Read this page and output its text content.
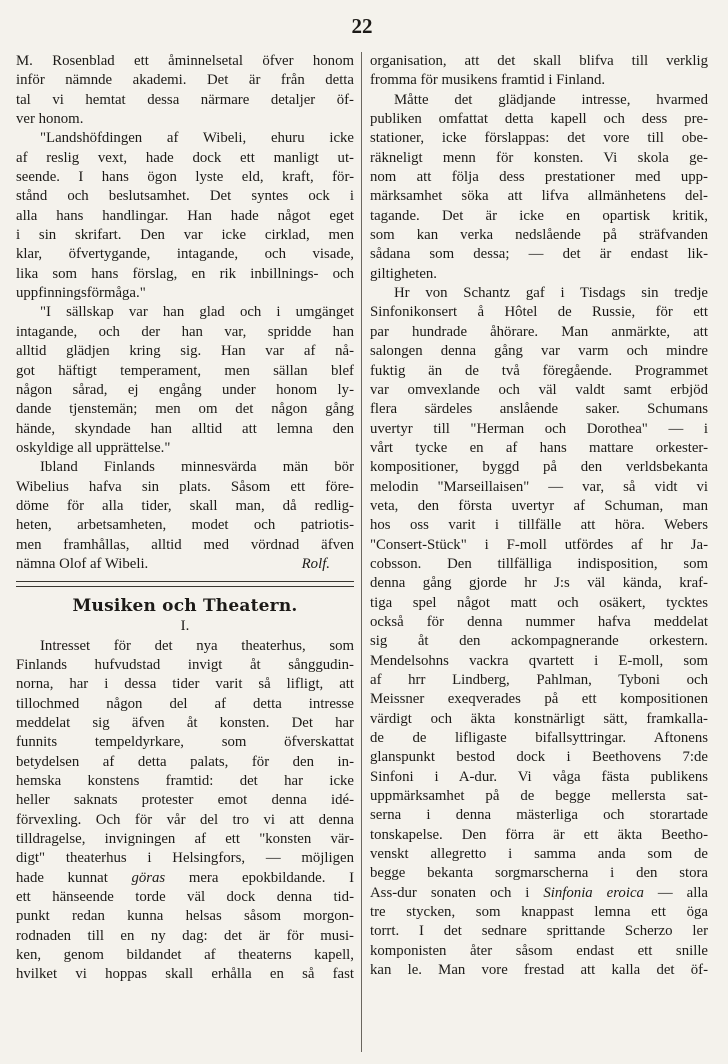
22
M. Rosenblad ett åminnelsetal öfver honom
inför nämnde akademi. Det är från detta
tal vi hemtat dessa närmare detaljer öf-
ver honom.
"Landshöfdingen af Wibeli, ehuru icke
af reslig vext, hade dock ett manligt ut-
seende. I hans ögon lyste eld, kraft, för-
stånd och beslutsamhet. Det syntes ock i
alla hans handlingar. Han hade något eget
i sin skrifart. Den var icke cirklad, men
klar, öfvertygande, intagande, och visade,
lika som hans förslag, en rik inbillnings- och
uppfinningsförmåga."
"I sällskap var han glad och i umgänget
intagande, och der han var, spridde han
alltid glädjen kring sig. Han var af nå-
got häftigt temperament, men sällan blef
någon sårad, ej engång under honom ly-
dande tjenstemän; men om det någon gång
hände, skyndade han alltid att lemna den
oskyldige all upprättelse."
Ibland Finlands minnesvärda män bör
Wibelius hafva sin plats. Såsom ett före-
döme för alla tider, skall man, då redlig-
heten, arbetsamheten, modet och patriotis-
men framhållas, alltid med vördnad äfven
nämna Olof af Wibeli.	Rolf.
Musiken och Theatern.
I.
Intresset för det nya theaterhus, som
Finlands hufvudstad invigt åt sånggudin-
norna, har i dessa tider varit så lifligt, att
tillochmed någon del af detta intresse
meddelat sig äfven åt konsten. Det har
funnits tempeldyrkare, som öfverskattat
betydelsen af detta palats, för den in-
hemska konstens framtid: det har icke
heller saknats protester emot denna idé-
förvexling. Och för vår del tro vi att denna
tilldragelse, invigningen af ett "konsten vär-
digt" theaterhus i Helsingfors, — möjligen
hade kunnat göras mera epokbildande. I
ett hänseende torde väl dock denna tid-
punkt redan kunna helsas såsom morgon-
rodnaden till en ny dag: det är för musi-
ken, genom bildandet af theaterns kapell,
hvilket vi hoppas skall erhålla en så fast
organisation, att det skall blifva till verklig
fromma för musikens framtid i Finland.
Måtte det glädjande intresse, hvarmed
publiken omfattat detta kapell och dess pre-
stationer, icke förslappas: det vore till obe-
räkneligt menn för konsten. Vi skola ge-
nom att följa dess prestationer med upp-
märksamhet söka att lifva allmänhetens del-
tagande. Det är icke en opartisk kritik,
som kan verka nedslående på sträfvanden
sådana som dessa; — det är endast lik-
giltigheten.
Hr von Schantz gaf i Tisdags sin tredje
Sinfonikonsert å Hôtel de Russie, för ett
par hundrade åhörare. Man anmärkte, att
salongen denna gång var varm och mindre
fuktig än de två föregående. Programmet
var omvexlande och väl valdt samt erbjöd
flera särdeles anslående saker. Schumans
uvertyr till "Herman och Dorothea" — i
vårt tycke en af hans mattare orkester-
kompositioner, byggd på den verldsbekanta
melodin "Marseillaisen" — var, så vidt vi
veta, den första uvertyr af Schuman, man
hos oss varit i tillfälle att höra. Webers
"Consert-Stück" i F-moll utfördes af hr Ja-
cobsson. Den tillfälliga indisposition, som
denna gång gjorde hr J:s väl kända, kraf-
tiga spel något matt och osäkert, tycktes
också för denna nummer hafva meddelat
sig åt den ackompagnerande orkestern.
Mendelsohns vackra qvartett i E-moll, som
af hrr Lindberg, Pahlman, Tyboni och
Meissner exeqverades på ett kompositionen
värdigt och äkta konstnärligt sätt, framkalla-
de de lifligaste bifallsyttringar. Aftonens
glanspunkt bestod dock i Beethovens 7:de
Sinfoni i A-dur. Vi våga fästa publikens
uppmärksamhet på de begge mellersta sat-
serna i denna mästerliga och storartade
tonskapelse. Den förra är ett äkta Beetho-
venskt allegretto i samma anda som de
begge bekanta sorgmarscherna i den stora
Ass-dur sonaten och i Sinfonia eroica — alla
tre stycken, som knappast lemna ett öga
torrt. I det sednare sprittande Scherzo ler
komponisten åter såsom endast ett snille
kan le. Man vore frestad att kalla det öf-
